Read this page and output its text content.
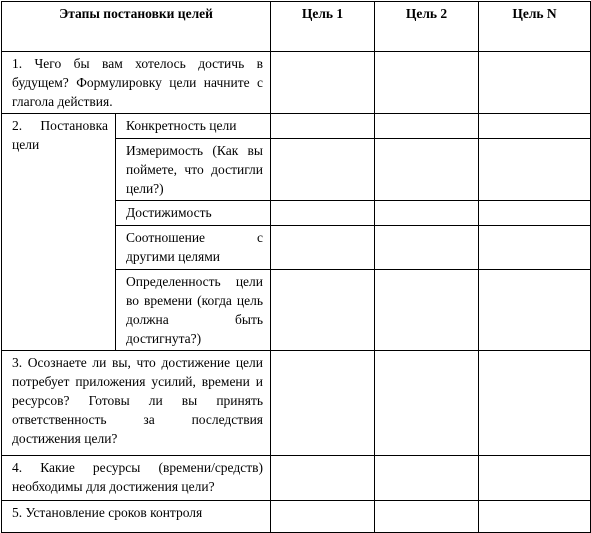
Этапы постановки целей		Цель 1	Цель 2	Цель N
1. Чего бы вам хотелось достичь в будущем? Формулировку цели начните с глагола действия.				
2. Постановка цели	Конкретность цели			
	Измеримость (Как вы поймете, что достигли цели?)			
	Достижимость			
	Соотношение с другими целями			
	Определенность цели во времени (когда цель должна быть достигнута?)			
3. Осознаете ли вы, что достижение цели потребует приложения усилий, времени и ресурсов? Готовы ли вы принять ответственность за последствия достижения цели?				
4. Какие ресурсы (времени/средств) необходимы для достижения цели?				
5. Установление сроков контроля				
